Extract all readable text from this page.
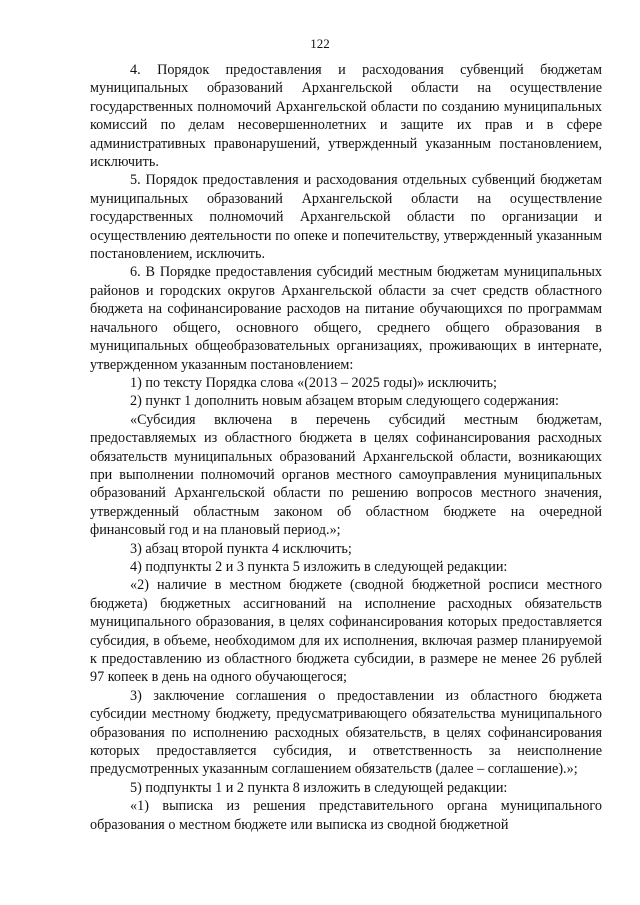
122

4. Порядок предоставления и расходования субвенций бюджетам муниципальных образований Архангельской области на осуществление государственных полномочий Архангельской области по созданию муниципальных комиссий по делам несовершеннолетних и защите их прав и в сфере административных правонарушений, утвержденный указанным постановлением, исключить.

5. Порядок предоставления и расходования отдельных субвенций бюджетам муниципальных образований Архангельской области на осуществление государственных полномочий Архангельской области по организации и осуществлению деятельности по опеке и попечительству, утвержденный указанным постановлением, исключить.

6. В Порядке предоставления субсидий местным бюджетам муниципальных районов и городских округов Архангельской области за счет средств областного бюджета на софинансирование расходов на питание обучающихся по программам начального общего, основного общего, среднего общего образования в муниципальных общеобразовательных организациях, проживающих в интернате, утвержденном указанным постановлением:

1) по тексту Порядка слова «(2013 – 2025 годы)» исключить;

2) пункт 1 дополнить новым абзацем вторым следующего содержания:

«Субсидия включена в перечень субсидий местным бюджетам, предоставляемых из областного бюджета в целях софинансирования расходных обязательств муниципальных образований Архангельской области, возникающих при выполнении полномочий органов местного самоуправления муниципальных образований Архангельской области по решению вопросов местного значения, утвержденный областным законом об областном бюджете на очередной финансовый год и на плановый период.»;

3) абзац второй пункта 4 исключить;

4) подпункты 2 и 3 пункта 5 изложить в следующей редакции:

«2) наличие в местном бюджете (сводной бюджетной росписи местного бюджета) бюджетных ассигнований на исполнение расходных обязательств муниципального образования, в целях софинансирования которых предоставляется субсидия, в объеме, необходимом для их исполнения, включая размер планируемой к предоставлению из областного бюджета субсидии, в размере не менее 26 рублей 97 копеек в день на одного обучающегося;

3) заключение соглашения о предоставлении из областного бюджета субсидии местному бюджету, предусматривающего обязательства муниципального образования по исполнению расходных обязательств, в целях софинансирования которых предоставляется субсидия, и ответственность за неисполнение предусмотренных указанным соглашением обязательств (далее – соглашение).»;

5) подпункты 1 и 2 пункта 8 изложить в следующей редакции:

«1) выписка из решения представительного органа муниципального образования о местном бюджете или выписка из сводной бюджетной
